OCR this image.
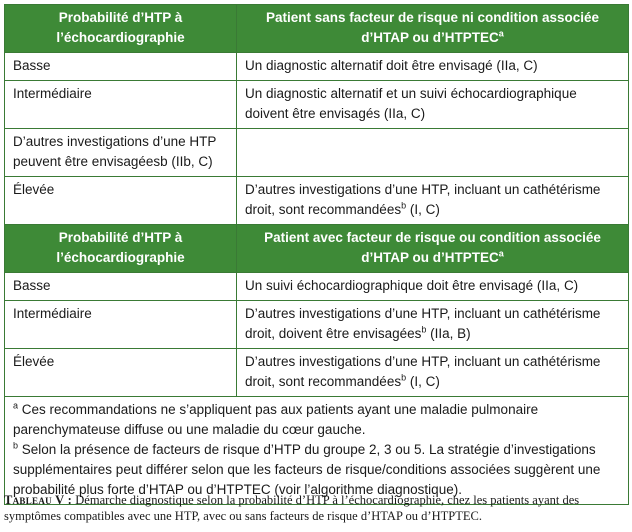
Probabilité d’HTP à l’échocardiographie	Patient sans facteur de risque ni condition associée d’HTAP ou d’HTPTEC$^a$
Basse	Un diagnostic alternatif doit être envisagé (IIa, C)
Intermédiaire	Un diagnostic alternatif et un suivi échocardiographique doivent être envisagés (IIa, C)
D’autres investigations d’une HTP peuvent être envisagéesb (IIb, C)	
Élevée	D’autres investigations d’une HTP, incluant un cathétérisme droit, sont recommandées$^b$ (I, C)
Probabilité d’HTP à l’échocardiographie	Patient avec facteur de risque ou condition associée d’HTAP ou d’HTPTEC$^a$
Basse	Un suivi échocardiographique doit être envisagé (IIa, C)
Intermédiaire	D’autres investigations d’une HTP, incluant un cathétérisme droit, doivent être envisagées$^b$ (IIa, B)
Élevée	D’autres investigations d’une HTP, incluant un cathétérisme droit, sont recommandées$^b$ (I, C)

$^a$ Ces recommandations ne s’appliquent pas aux patients ayant une maladie pulmonaire parenchymateuse diffuse ou une maladie du cœur gauche.
$^b$ Selon la présence de facteurs de risque d’HTP du groupe 2, 3 ou 5. La stratégie d’investigations supplémentaires peut différer selon que les facteurs de risque/conditions associées suggèrent une probabilité plus forte d’HTAP ou d’HTPTEC (voir l’algorithme diagnostique).	
Tableau V : Démarche diagnostique selon la probabilité d’HTP à l’échocardiographie, chez les patients ayant des symptômes compatibles avec une HTP, avec ou sans facteurs de risque d’HTAP ou d’HTPTEC.
